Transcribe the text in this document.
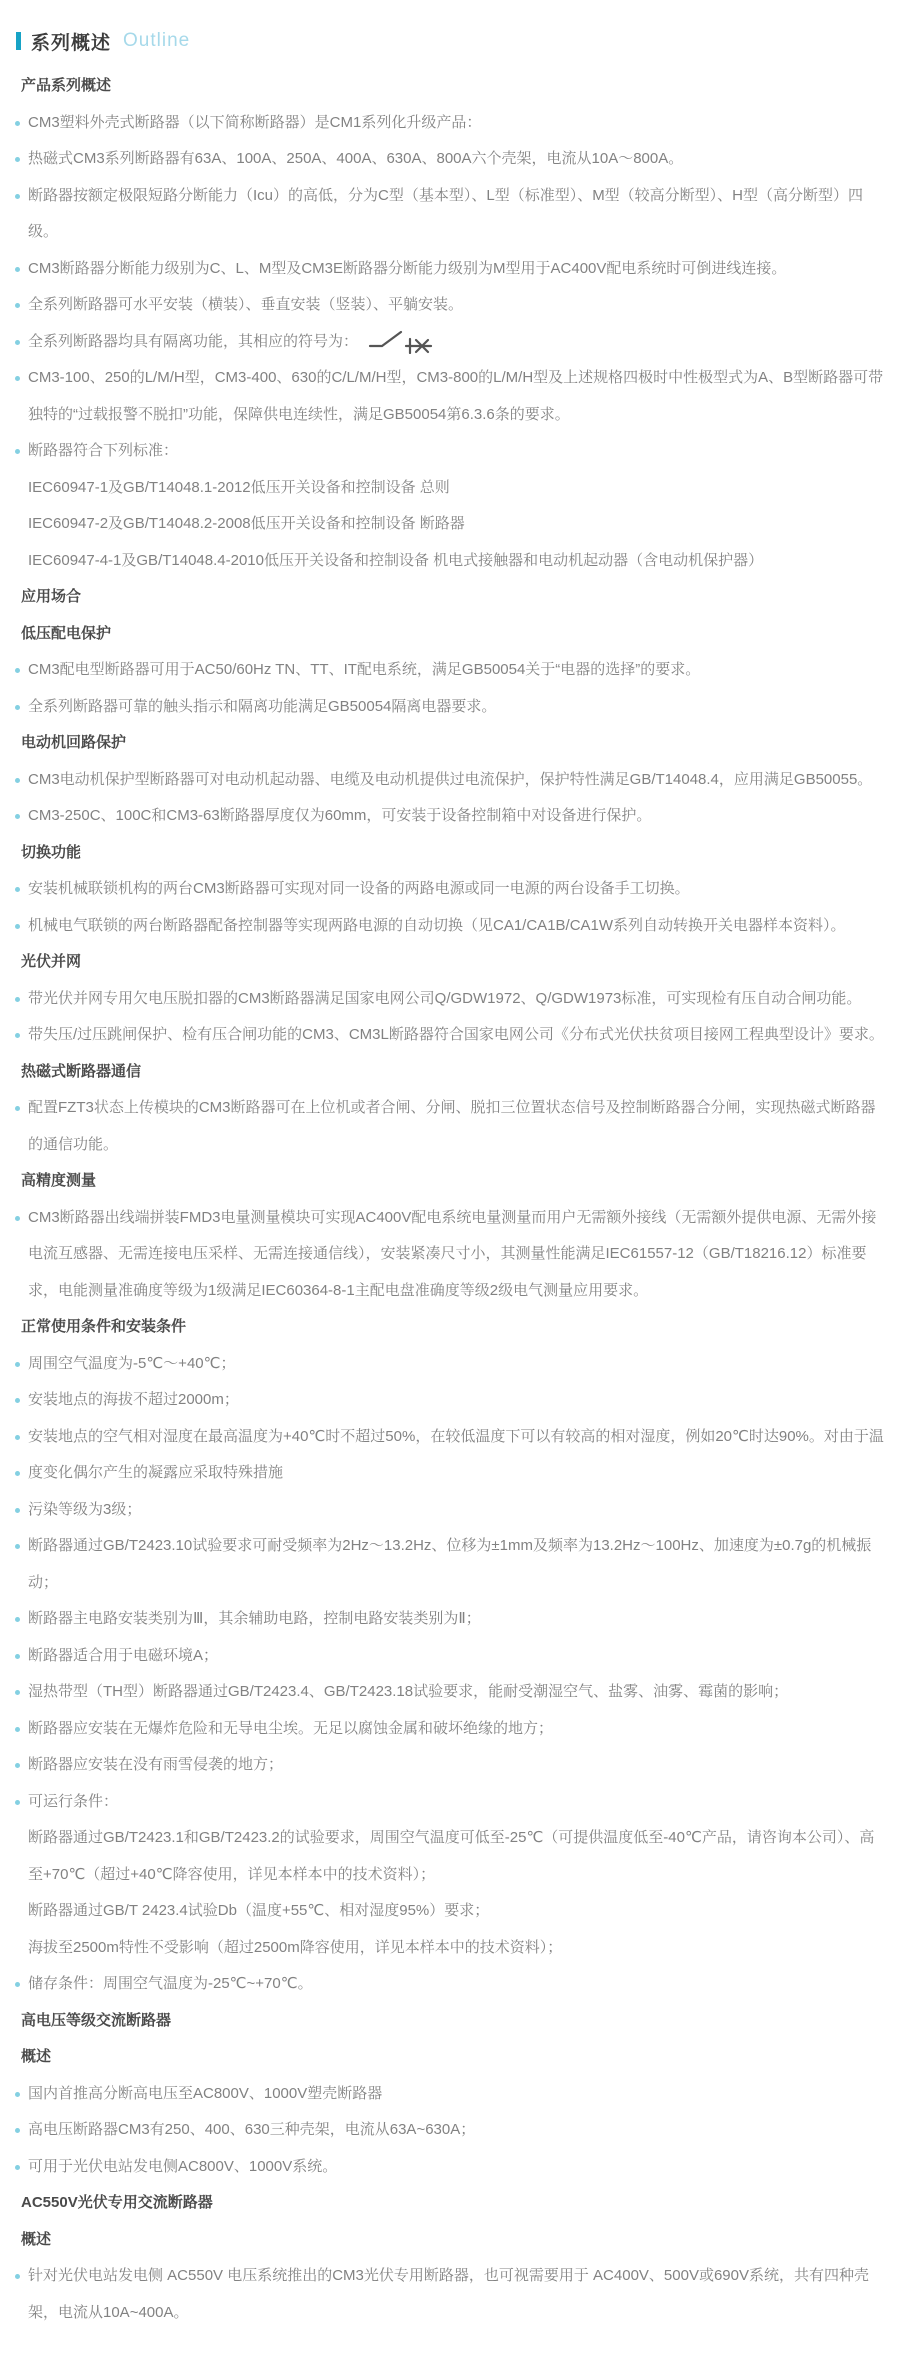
系列概述 Outline
产品系列概述
CM3塑料外壳式断路器（以下简称断路器）是CM1系列化升级产品：
热磁式CM3系列断路器有63A、100A、250A、400A、630A、800A六个壳架，电流从10A～800A。
断路器按额定极限短路分断能力（Icu）的高低，分为C型（基本型）、L型（标准型）、M型（较高分断型）、H型（高分断型）四级。
CM3断路器分断能力级别为C、L、M型及CM3E断路器分断能力级别为M型用于AC400V配电系统时可倒进线连接。
全系列断路器可水平安装（横装）、垂直安装（竖装）、平躺安装。
全系列断路器均具有隔离功能，其相应的符号为：
CM3-100、250的L/M/H型，CM3-400、630的C/L/M/H型，CM3-800的L/M/H型及上述规格四极时中性极型式为A、B型断路器可带独特的“过载报警不脱扣”功能，保障供电连续性，满足GB50054第6.3.6条的要求。
断路器符合下列标准：
IEC60947-1及GB/T14048.1-2012低压开关设备和控制设备 总则
IEC60947-2及GB/T14048.2-2008低压开关设备和控制设备 断路器
IEC60947-4-1及GB/T14048.4-2010低压开关设备和控制设备 机电式接触器和电动机起动器（含电动机保护器）
应用场合
低压配电保护
CM3配电型断路器可用于AC50/60Hz TN、TT、IT配电系统，满足GB50054关于“电器的选择”的要求。
全系列断路器可靠的触头指示和隔离功能满足GB50054隔离电器要求。
电动机回路保护
CM3电动机保护型断路器可对电动机起动器、电缆及电动机提供过电流保护，保护特性满足GB/T14048.4，应用满足GB50055。
CM3-250C、100C和CM3-63断路器厚度仅为60mm，可安装于设备控制箱中对设备进行保护。
切换功能
安装机械联锁机构的两台CM3断路器可实现对同一设备的两路电源或同一电源的两台设备手工切换。
机械电气联锁的两台断路器配备控制器等实现两路电源的自动切换（见CA1/CA1B/CA1W系列自动转换开关电器样本资料）。
光伏并网
带光伏并网专用欠电压脱扣器的CM3断路器满足国家电网公司Q/GDW1972、Q/GDW1973标准，可实现检有压自动合闸功能。
带失压/过压跳闸保护、检有压合闸功能的CM3、CM3L断路器符合国家电网公司《分布式光伏扶贫项目接网工程典型设计》要求。
热磁式断路器通信
配置FZT3状态上传模块的CM3断路器可在上位机或者合闸、分闸、脱扣三位置状态信号及控制断路器合分闸，实现热磁式断路器的通信功能。
高精度测量
CM3断路器出线端拼装FMD3电量测量模块可实现AC400V配电系统电量测量而用户无需额外接线（无需额外提供电源、无需外接电流互感器、无需连接电压采样、无需连接通信线），安装紧凑尺寸小，其测量性能满足IEC61557-12（GB/T18216.12）标准要求，电能测量准确度等级为1级满足IEC60364-8-1主配电盘准确度等级2级电气测量应用要求。
正常使用条件和安装条件
周围空气温度为-5℃～+40℃；
安装地点的海拔不超过2000m；
安装地点的空气相对湿度在最高温度为+40℃时不超过50%，在较低温度下可以有较高的相对湿度，例如20℃时达90%。对由于温
度变化偶尔产生的凝露应采取特殊措施
污染等级为3级；
断路器通过GB/T2423.10试验要求可耐受频率为2Hz～13.2Hz、位移为±1mm及频率为13.2Hz～100Hz、加速度为±0.7g的机械振动；
断路器主电路安装类别为Ⅲ，其余辅助电路，控制电路安装类别为Ⅱ；
断路器适合用于电磁环境A；
湿热带型（TH型）断路器通过GB/T2423.4、GB/T2423.18试验要求，能耐受潮湿空气、盐雾、油雾、霉菌的影响；
断路器应安装在无爆炸危险和无导电尘埃。无足以腐蚀金属和破坏绝缘的地方；
断路器应安装在没有雨雪侵袭的地方；
可运行条件：
断路器通过GB/T2423.1和GB/T2423.2的试验要求，周围空气温度可低至-25℃（可提供温度低至-40℃产品，请咨询本公司）、高至+70℃（超过+40℃降容使用，详见本样本中的技术资料）；
断路器通过GB/T 2423.4试验Db（温度+55℃、相对湿度95%）要求；
海拔至2500m特性不受影响（超过2500m降容使用，详见本样本中的技术资料）；
储存条件：周围空气温度为-25℃~+70℃。
高电压等级交流断路器
概述
国内首推高分断高电压至AC800V、1000V塑壳断路器
高电压断路器CM3有250、400、630三种壳架，电流从63A~630A；
可用于光伏电站发电侧AC800V、1000V系统。
AC550V光伏专用交流断路器
概述
针对光伏电站发电侧 AC550V 电压系统推出的CM3光伏专用断路器，也可视需要用于 AC400V、500V或690V系统，共有四种壳架，电流从10A~400A。
